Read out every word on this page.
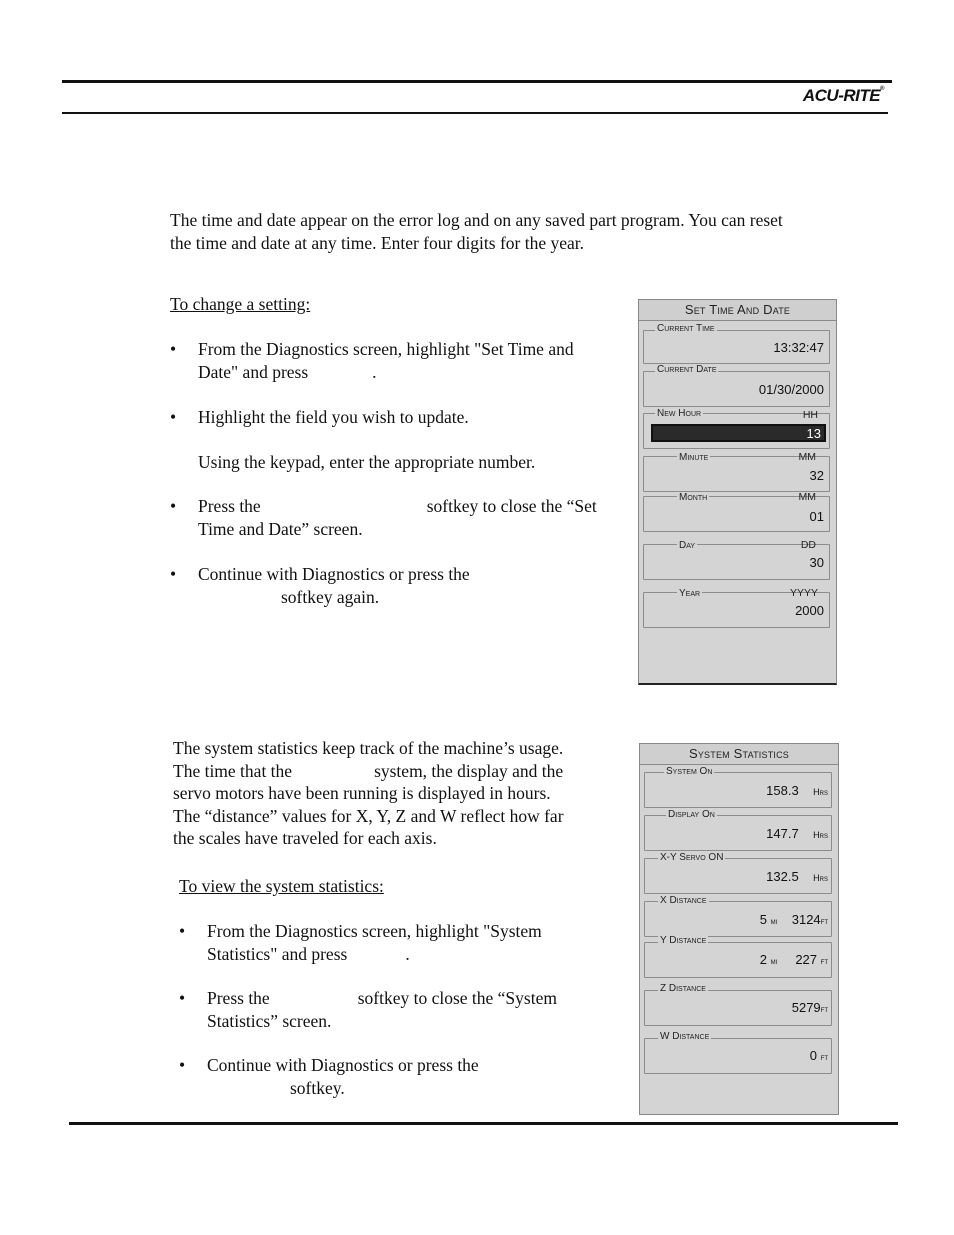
ACU-RITE®
The time and date appear on the error log and on any saved part program. You can reset
the time and date at any time. Enter four digits for the year.
To change a setting:
• From the Diagnostics screen, highlight "Set Time and
Date" and press	.
• Highlight the field you wish to update.
Using the keypad, enter the appropriate number.
• Press the	softkey to close the “Set
Time and Date” screen.
• Continue with Diagnostics or press the
softkey again.
Set Time And Date
Current Time
13:32:47
Current Date
01/30/2000
New Hour	HH
13
Minute	MM
32
Month	MM
01
Day	DD
30
Year	YYYY
2000
The system statistics keep track of the machine’s usage.
The time that the	system, the display and the
servo motors have been running is displayed in hours.
The “distance” values for X, Y, Z and W reflect how far
the scales have traveled for each axis.
To view the system statistics:
• From the Diagnostics screen, highlight "System
Statistics" and press	.
• Press the	softkey to close the “System
Statistics” screen.
• Continue with Diagnostics or press the
softkey.
System Statistics
System On
158.3 Hrs
Display On
147.7 Hrs
X-Y Servo ON
132.5 Hrs
X Distance
5 mi 3124ft
Y Distance
2 mi 227 ft
Z Distance
5279ft
W Distance
0 ft
